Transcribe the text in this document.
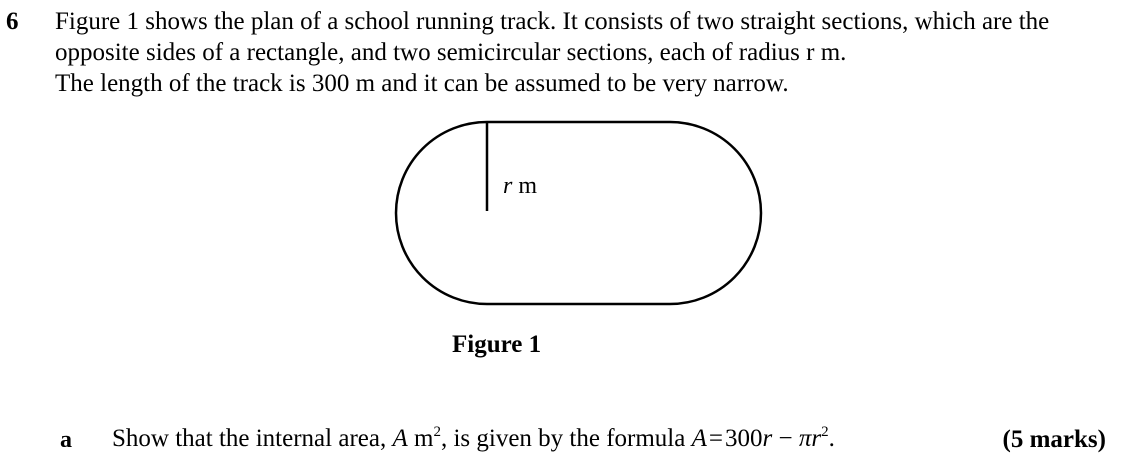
6 Figure 1 shows the plan of a school running track. It consists of two straight sections, which are the
opposite sides of a rectangle, and two semicircular sections, each of radius r m.
The length of the track is 300 m and it can be assumed to be very narrow.
r m
Figure 1
a Show that the internal area, A $m^2$, is given by the formula $A=300r - \pi r^2$.	(5 marks)
